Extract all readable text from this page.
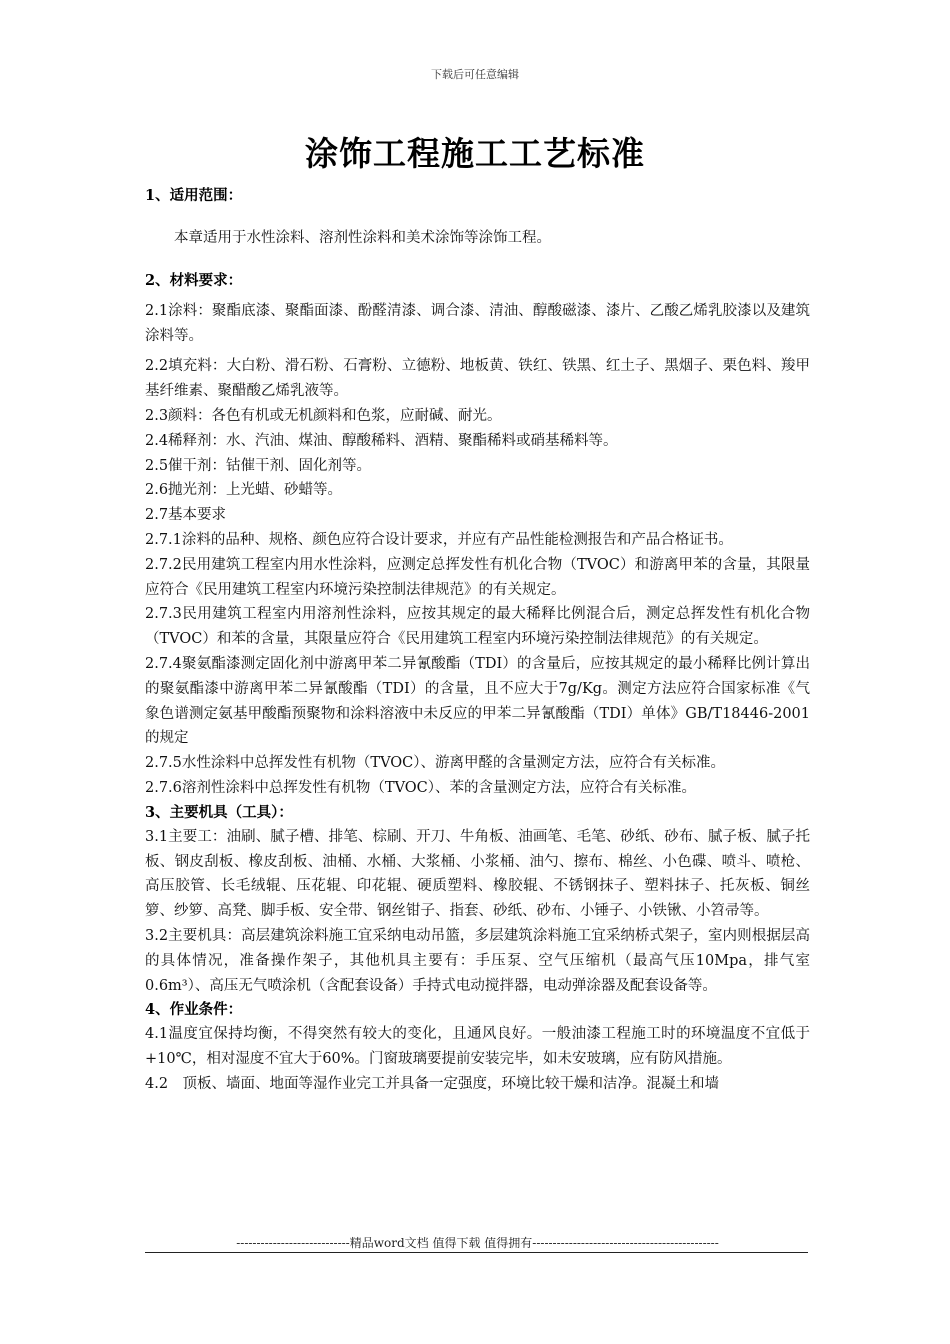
下载后可任意编辑
涂饰工程施工工艺标准
1、适用范围：
本章适用于水性涂料、溶剂性涂料和美术涂饰等涂饰工程。
2、材料要求：
2.1涂料：聚酯底漆、聚酯面漆、酚醛清漆、调合漆、清油、醇酸磁漆、漆片、乙酸乙烯乳胶漆以及建筑涂料等。
2.2填充料：大白粉、滑石粉、石膏粉、立德粉、地板黄、铁红、铁黑、红土子、黑烟子、栗色料、羧甲基纤维素、聚醋酸乙烯乳液等。
2.3颜料：各色有机或无机颜料和色浆，应耐碱、耐光。
2.4稀释剂：水、汽油、煤油、醇酸稀料、酒精、聚酯稀料或硝基稀料等。
2.5催干剂：钴催干剂、固化剂等。
2.6抛光剂：上光蜡、砂蜡等。
2.7基本要求
2.7.1涂料的品种、规格、颜色应符合设计要求，并应有产品性能检测报告和产品合格证书。
2.7.2民用建筑工程室内用水性涂料，应测定总挥发性有机化合物（TVOC）和游离甲苯的含量，其限量应符合《民用建筑工程室内环境污染控制法律规范》的有关规定。
2.7.3民用建筑工程室内用溶剂性涂料，应按其规定的最大稀释比例混合后，测定总挥发性有机化合物（TVOC）和苯的含量，其限量应符合《民用建筑工程室内环境污染控制法律规范》的有关规定。
2.7.4聚氨酯漆测定固化剂中游离甲苯二异氰酸酯（TDI）的含量后，应按其规定的最小稀释比例计算出的聚氨酯漆中游离甲苯二异氰酸酯（TDI）的含量，且不应大于7g/Kg。测定方法应符合国家标准《气象色谱测定氨基甲酸酯预聚物和涂料溶液中未反应的甲苯二异氰酸酯（TDI）单体》GB/T18446-2001的规定
2.7.5水性涂料中总挥发性有机物（TVOC）、游离甲醛的含量测定方法，应符合有关标准。
2.7.6溶剂性涂料中总挥发性有机物（TVOC）、苯的含量测定方法，应符合有关标准。
3、主要机具（工具）：
3.1主要工：油刷、腻子槽、排笔、棕刷、开刀、牛角板、油画笔、毛笔、砂纸、砂布、腻子板、腻子托板、钢皮刮板、橡皮刮板、油桶、水桶、大浆桶、小浆桶、油勺、擦布、棉丝、小色碟、喷斗、喷枪、高压胶管、长毛绒辊、压花辊、印花辊、硬质塑料、橡胶辊、不锈钢抹子、塑料抹子、托灰板、铜丝箩、纱箩、高凳、脚手板、安全带、钢丝钳子、指套、砂纸、砂布、小锤子、小铁锹、小笤帚等。
3.2主要机具：高层建筑涂料施工宜采纳电动吊篮，多层建筑涂料施工宜采纳桥式架子，室内则根据层高的具体情况，准备操作架子，其他机具主要有：手压泵、空气压缩机（最高气压10Mpa，排气室0.6m³）、高压无气喷涂机（含配套设备）手持式电动搅拌器，电动弹涂器及配套设备等。
4、作业条件：
4.1温度宜保持均衡，不得突然有较大的变化，且通风良好。一般油漆工程施工时的环境温度不宜低于+10℃，相对湿度不宜大于60%。门窗玻璃要提前安装完毕，如未安玻璃，应有防风措施。
4.2　顶板、墙面、地面等湿作业完工并具备一定强度，环境比较干燥和洁净。混凝土和墙
----------------------------精品word文档 值得下载 值得拥有----------------------------------------------
